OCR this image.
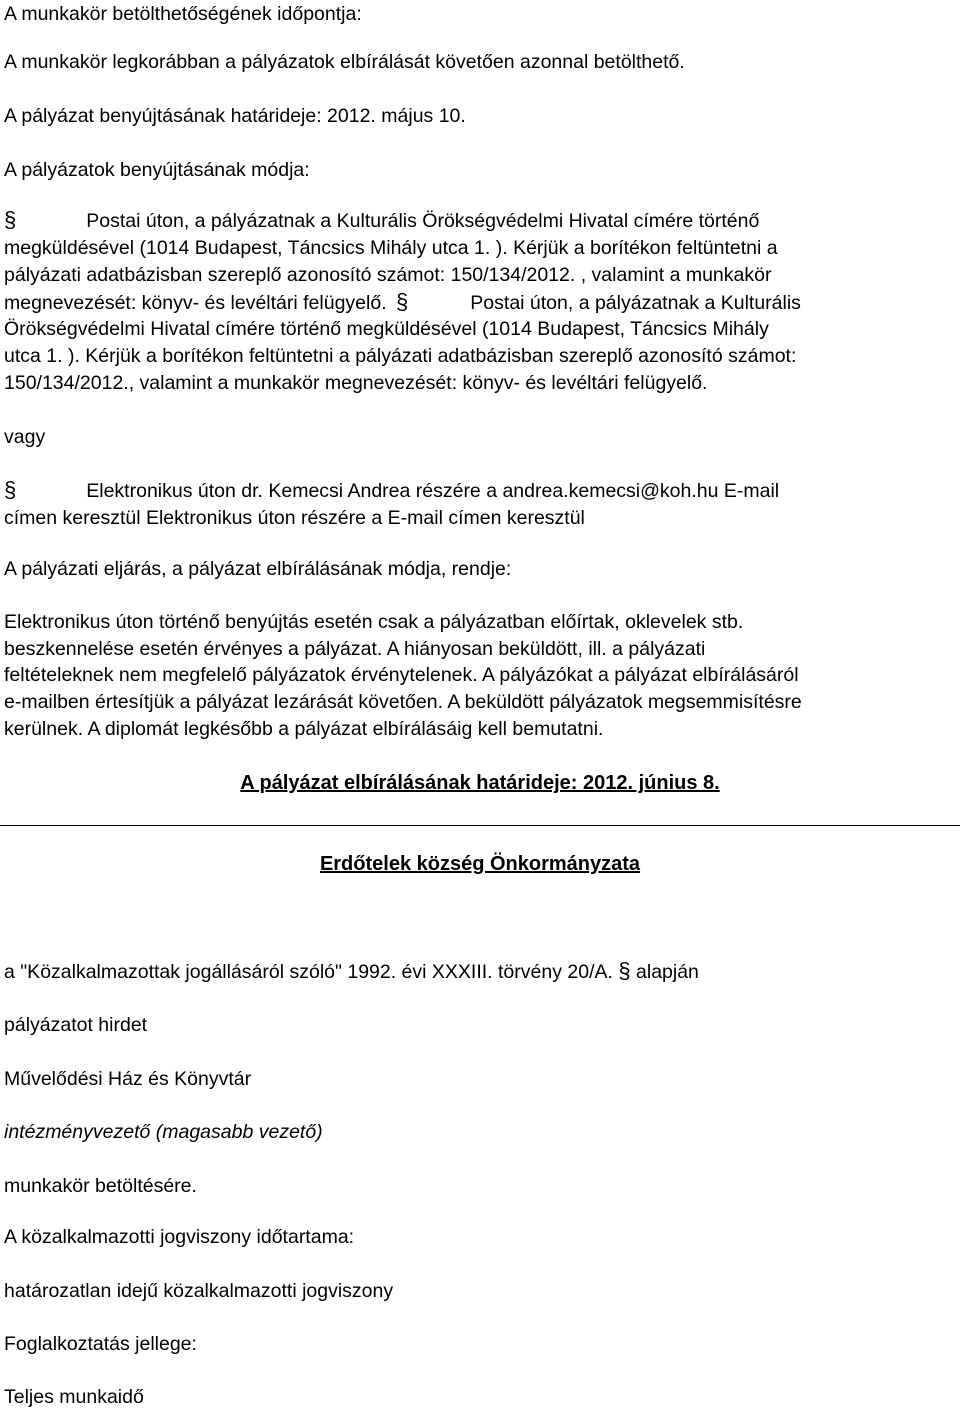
A munkakör betölthetőségének időpontja:
A munkakör legkorábban a pályázatok elbírálását követően azonnal betölthető.
A pályázat benyújtásának határideje: 2012. május 10.
A pályázatok benyújtásának módja:
§	Postai úton, a pályázatnak a Kulturális Örökségvédelmi Hivatal címére történő
megküldésével (1014 Budapest, Táncsics Mihály utca 1. ). Kérjük a borítékon feltüntetni a
pályázati adatbázisban szereplő azonosító számot: 150/134/2012. , valamint a munkakör
megnevezését: könyv- és levéltári felügyelő. §	Postai úton, a pályázatnak a Kulturális
Örökségvédelmi Hivatal címére történő megküldésével (1014 Budapest, Táncsics Mihály
utca 1. ). Kérjük a borítékon feltüntetni a pályázati adatbázisban szereplő azonosító számot:
150/134/2012., valamint a munkakör megnevezését: könyv- és levéltári felügyelő.
vagy
§	Elektronikus úton dr. Kemecsi Andrea részére a andrea.kemecsi@koh.hu E-mail
címen keresztül Elektronikus úton részére a E-mail címen keresztül
A pályázati eljárás, a pályázat elbírálásának módja, rendje:
Elektronikus úton történő benyújtás esetén csak a pályázatban előírtak, oklevelek stb.
beszkennelése esetén érvényes a pályázat. A hiányosan beküldött, ill. a pályázati
feltételeknek nem megfelelő pályázatok érvénytelenek. A pályázókat a pályázat elbírálásáról
e-mailben értesítjük a pályázat lezárását követően. A beküldött pályázatok megsemmisítésre
kerülnek. A diplomát legkésőbb a pályázat elbírálásáig kell bemutatni.
A pályázat elbírálásának határideje: 2012. június 8.
Erdőtelek község Önkormányzata
a "Közalkalmazottak jogállásáról szóló" 1992. évi XXXIII. törvény 20/A. § alapján
pályázatot hirdet
Művelődési Ház és Könyvtár
intézményvezető (magasabb vezető)
munkakör betöltésére.
A közalkalmazotti jogviszony időtartama:
határozatlan idejű közalkalmazotti jogviszony
Foglalkoztatás jellege:
Teljes munkaidő
